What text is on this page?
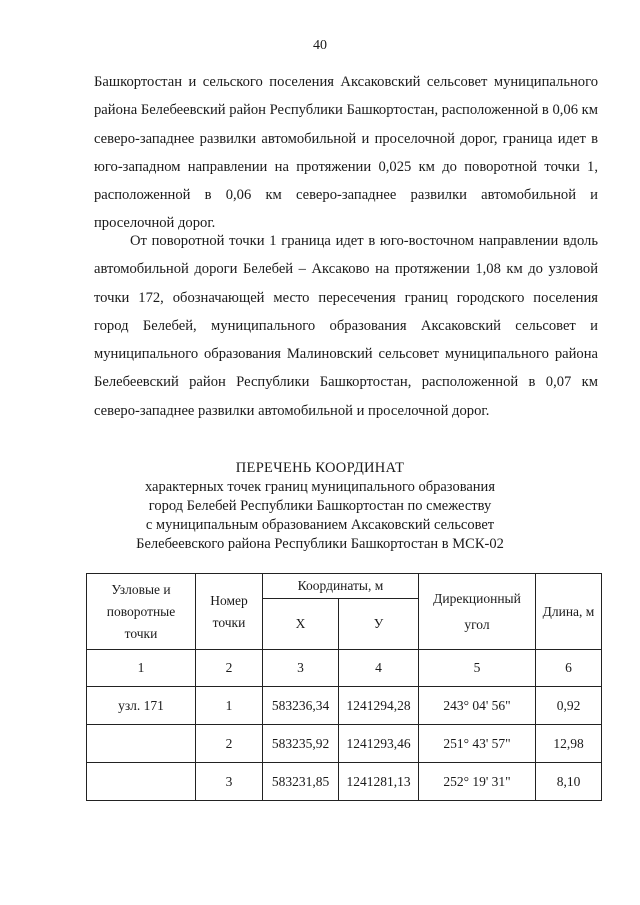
40

Башкортостан и сельского поселения Аксаковский сельсовет муниципального района Белебеевский район Республики Башкортостан, расположенной в 0,06 км северо-западнее развилки автомобильной и проселочной дорог, граница идет в юго-западном направлении на протяжении 0,025 км до поворотной точки 1, расположенной в 0,06 км северо-западнее развилки автомобильной и проселочной дорог.

От поворотной точки 1 граница идет в юго-восточном направлении вдоль автомобильной дороги Белебей – Аксаково на протяжении 1,08 км до узловой точки 172, обозначающей место пересечения границ городского поселения город Белебей, муниципального образования Аксаковский сельсовет и муниципального образования Малиновский сельсовет муниципального района Белебеевский район Республики Башкортостан, расположенной в 0,07 км северо-западнее развилки автомобильной и проселочной дорог.

ПЕРЕЧЕНЬ КООРДИНАТ
характерных точек границ муниципального образования
город Белебей Республики Башкортостан по смежеству
с муниципальным образованием Аксаковский сельсовет
Белебеевского района Республики Башкортостан в МСК-02
Узловые и поворотные точки	Номер точки	Координаты, м		Дирекционный угол	Длина, м
		Х	У		
1	2	3	4	5	6
узл. 171	1	583236,34	1241294,28	243° 04' 56"	0,92
	2	583235,92	1241293,46	251° 43' 57"	12,98
	3	583231,85	1241281,13	252° 19' 31"	8,10
